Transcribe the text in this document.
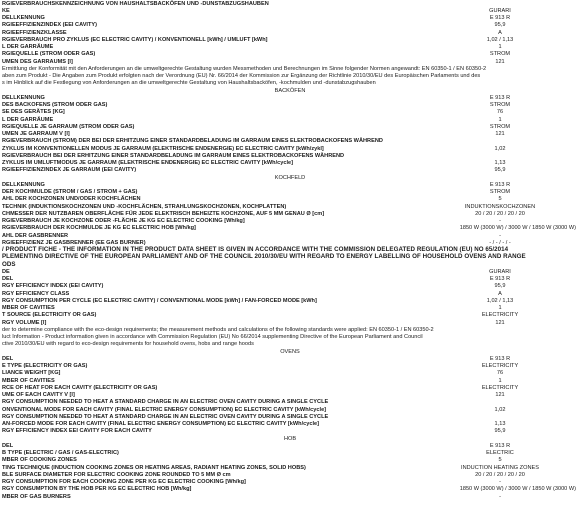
RGIEVERBRAUCHSKENNZEICHNUNG VON HAUSHALTSBACKÖFEN UND -DUNSTABZUGSHAUBEN
KE	GURARI
DELLKENNUNG	E 913 R
RGIEEFFIZIENZINDEX (EEI CAVITY)	95,9
RGIEEFFIZIENZKLASSE	A
RGIEVERBRAUCH PRO ZYKLUS (EC ELECTRIC CAVITY) / KONVENTIONELL [kWh] / UMLUFT [kWh]	1,02 / 1,13
L DER GARRÄUME	1
RGIEQUELLE (STROM ODER GAS)	STROM
UMEN DES GARRAUMS [l]	121
Ermittlung der Konformität mit den Anforderungen an die umweltgerechte Gestaltung wurden Messmethoden und Berechnungen im Sinne folgender Normen angewandt: EN 60350-1 / EN 60350-2
aben zum Produkt - Die Angaben zum Produkt erfolgten nach der Verordnung (EU) Nr. 66/2014 der Kommission zur Ergänzung der Richtlinie 2010/30/EU des Europäischen Parlaments und des
s im Hinblick auf die Festlegung von Anforderungen an die umweltgerechte Gestaltung von Haushaltsbacköfen, -kochmulden und -dunstabzugshauben
BACKÖFEN
DELLKENNUNG	E 913 R
DES BACKOFENS (STROM ODER GAS)	STROM
SE DES GERÄTES [KG]	76
L DER GARRÄUME	1
RGIEQUELLE JE GARRAUM (STROM ODER GAS)	STROM
UMEN JE GARRAUM V [l]	121
RGIEVERBRAUCH (STROM) DER BEI DER ERHITZUNG EINER STANDARDBELADUNG IM GARRAUM EINES ELEKTROBACKOFENS WÄHREND
ZYKLUS IM KONVENTIONELLEN MODUS JE GARRAUM (ELEKTRISCHE ENDENERGIE) EC ELECTRIC CAVITY [kWh/zykl]	1,02
RGIEVERBRAUCH BEI DER ERHITZUNG EINER STANDARDBELADUNG IM GARRAUM EINES ELEKTROBACKOFENS WÄHREND
ZYKLUS IM UMLUFTMODUS JE GARRAUM (ELEKTRISCHE ENDENERGIE) EC ELECTRIC CAVITY [kWh/cycle]	1,13
RGIEEFFIZIENZINDEX JE GARRAUM (EEI CAVITY)	95,9
KOCHFELD
DELLKENNUNG	E 913 R
DER KOCHMULDE (STROM / GAS / STROM + GAS)	STROM
AHL DER KOCHZONEN UND/ODER KOCHFLÄCHEN	5
TECHNIK (INDUKTIONSKOCHZONEN UND -KOCHFLÄCHEN, STRAHLUNGSKOCHZONEN, KOCHPLATTEN)	INDUKTIONSKOCHZONEN
CHMESSER DER NUTZBAREN OBERFLÄCHE FÜR JEDE ELEKTRISCH BEHEIZTE KOCHZONE, AUF 5 MM GENAU Ø [cm]	20 / 20 / 20 / 20 / 20
RGIEVERBRAUCH JE KOCHZONE ODER -FLÄCHE JE KG EC ELECTRIC COOKING [Wh/kg]	-
RGIEVERBRAUCH DER KOCHMULDE JE KG EC ELECTRIC HOB [Wh/kg]	1850 W (3000 W) / 3000 W / 1850 W (3000 W)
AHL DER GASBRENNER	-
RGIEEFFIZIENZ JE GASBRENNER (EE GAS BURNER)	- / - / - / -
/ PRODUCT FICHE - THE INFORMATION IN THE PRODUCT DATA SHEET IS GIVEN IN ACCORDANCE WITH THE COMMISSION DELEGATED REGULATION (EU) NO 65/2014
PLEMENTING DIRECTIVE OF THE EUROPEAN PARLIAMENT AND OF THE COUNCIL 2010/30/EU WITH REGARD TO ENERGY LABELLING OF HOUSEHOLD OVENS AND RANGE
ODS
DE	GURARI
DEL	E 913 R
RGY EFFICIENCY INDEX (EEI CAVITY)	95,9
RGY EFFICIENCY CLASS	A
RGY CONSUMPTION PER CYCLE (EC ELECTRIC CAVITY) / CONVENTIONAL MODE [kWh] / FAN-FORCED MODE [kWh]	1,02 / 1,13
MBER OF CAVITIES	1
T SOURCE (ELECTRICITY OR GAS)	ELECTRICITY
RGY VOLUME [l]	121
der to determine compliance with the eco-design requirements; the measurement methods and calculations of the following standards were applied: EN 60350-1 / EN 60350-2
luct Information - Product information given in accordance with Commission Regulation (EU) No 66/2014 supplementing Directive of the European Parliament and Council
ctive 2010/30/EU with regard to eco-design requirements for household ovens, hobs and range hoods
OVENS
DEL	E 913 R
E TYPE (ELECTRICITY OR GAS)	ELECTRICITY
LIANCE WEIGHT [KG]	76
MBER OF CAVITIES	1
RCE OF HEAT FOR EACH CAVITY (ELECTRICITY OR GAS)	ELECTRICITY
UME OF EACH CAVITY V [l]	121
RGY CONSUMPTION NEEDED TO HEAT A STANDARD CHARGE IN AN ELECTRIC OVEN CAVITY DURING A SINGLE CYCLE
ONVENTIONAL MODE FOR EACH CAVITY (FINAL ELECTRIC ENERGY CONSUMPTION) EC ELECTRIC CAVITY [kWh/cycle]	1,02
RGY CONSUMPTION NEEDED TO HEAT A STANDARD CHARGE IN AN ELECTRIC OVEN CAVITY DURING A SINGLE CYCLE
AN-FORCED MODE FOR EACH CAVITY (FINAL ELECTRIC ENERGY CONSUMPTION) EC ELECTRIC CAVITY [kWh/cycle]	1,13
RGY EFFICIENCY INDEX EEI CAVITY FOR EACH CAVITY	95,9
HOB
DEL	E 913 R
B TYPE (ELECTRIC / GAS / GAS-ELECTRIC)	ELECTRIC
MBER OF COOKING ZONES	5
TING TECHNIQUE (INDUCTION COOKING ZONES OR HEATING AREAS, RADIANT HEATING ZONES, SOLID HOBS)	INDUCTION HEATING ZONES
BLE SURFACE DIAMETER FOR ELECTRIC COOKING ZONE ROUNDED TO 5 MM Ø cm	20 / 20 / 20 / 20 / 20
RGY CONSUMPTION FOR EACH COOKING ZONE PER KG EC ELECTRIC COOKING [Wh/kg]	-
RGY CONSUMPTION BY THE HOB PER KG EC ELECTRIC HOB [Wh/kg]	1850 W (3000 W) / 3000 W / 1850 W (3000 W)
MBER OF GAS BURNERS	-
